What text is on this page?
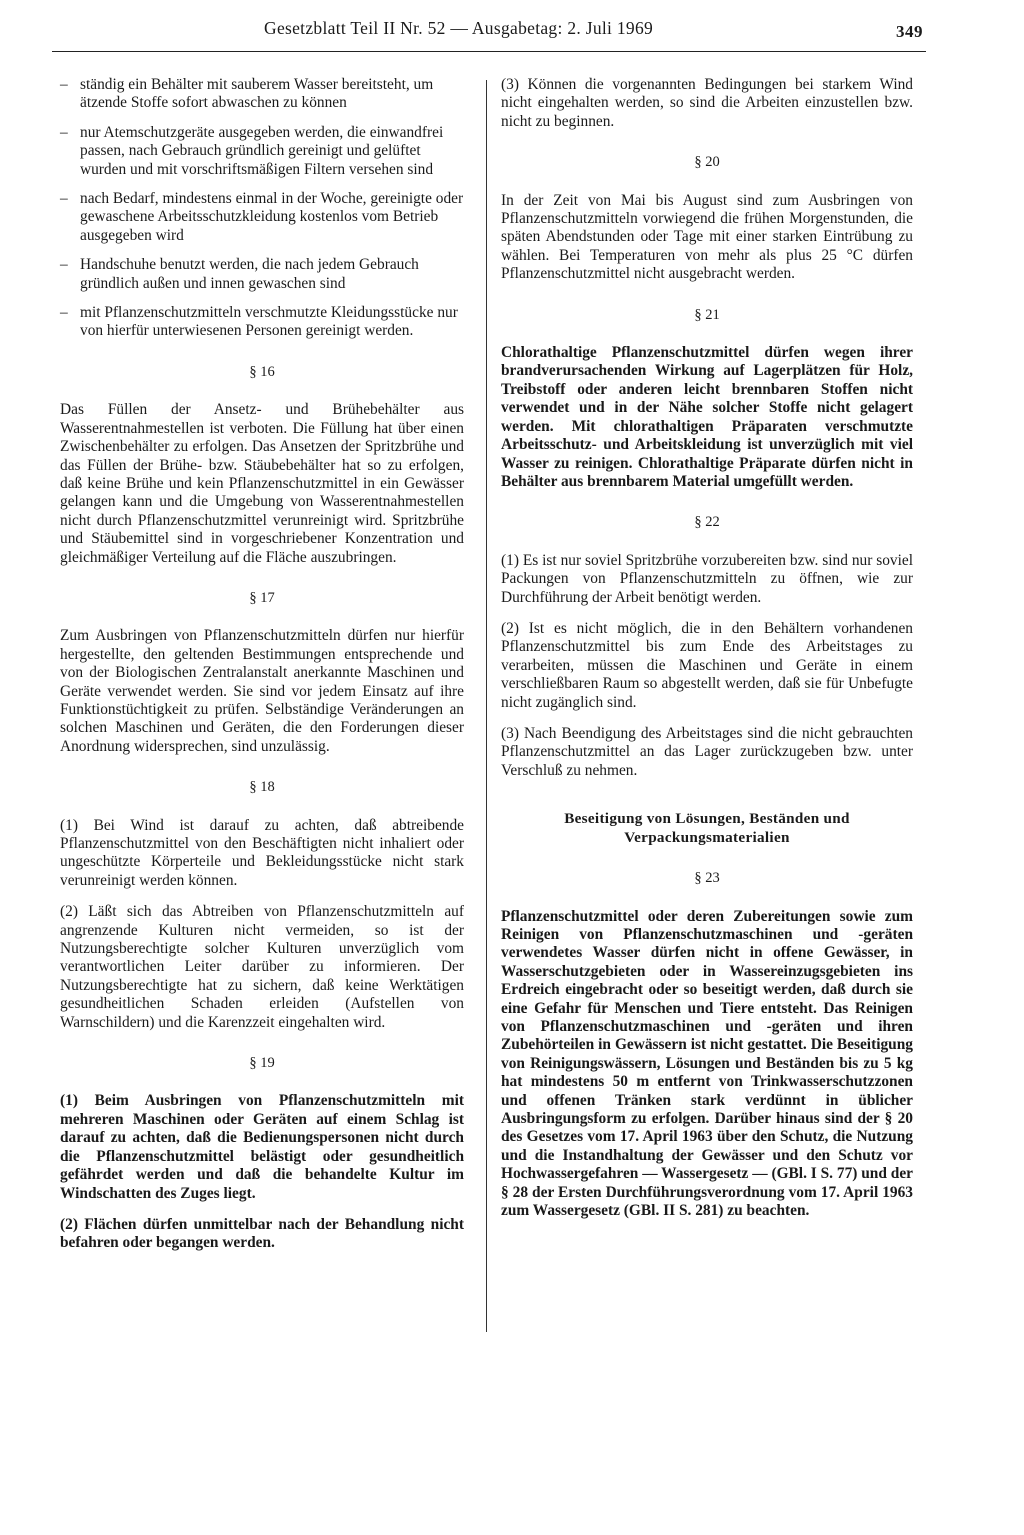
Gesetzblatt Teil II Nr. 52 — Ausgabetag: 2. Juli 1969	349
– ständig ein Behälter mit sauberem Wasser bereitsteht, um ätzende Stoffe sofort abwaschen zu können
– nur Atemschutzgeräte ausgegeben werden, die einwandfrei passen, nach Gebrauch gründlich gereinigt und gelüftet wurden und mit vorschriftsmäßigen Filtern versehen sind
– nach Bedarf, mindestens einmal in der Woche, gereinigte oder gewaschene Arbeitsschutzkleidung kostenlos vom Betrieb ausgegeben wird
– Handschuhe benutzt werden, die nach jedem Gebrauch gründlich außen und innen gewaschen sind
– mit Pflanzenschutzmitteln verschmutzte Kleidungsstücke nur von hierfür unterwiesenen Personen gereinigt werden.
§ 16

Das Füllen der Ansetz- und Brühebehälter aus Wasserentnahmestellen ist verboten. Die Füllung hat über einen Zwischenbehälter zu erfolgen. Das Ansetzen der Spritzbrühe und das Füllen der Brühe- bzw. Stäubebehälter hat so zu erfolgen, daß keine Brühe und kein Pflanzenschutzmittel in ein Gewässer gelangen kann und die Umgebung von Wasserentnahmestellen nicht durch Pflanzenschutzmittel verunreinigt wird. Spritzbrühe und Stäubemittel sind in vorgeschriebener Konzentration und gleichmäßiger Verteilung auf die Fläche auszubringen.

§ 17

Zum Ausbringen von Pflanzenschutzmitteln dürfen nur hierfür hergestellte, den geltenden Bestimmungen entsprechende und von der Biologischen Zentralanstalt anerkannte Maschinen und Geräte verwendet werden. Sie sind vor jedem Einsatz auf ihre Funktionstüchtigkeit zu prüfen. Selbständige Veränderungen an solchen Maschinen und Geräten, die den Forderungen dieser Anordnung widersprechen, sind unzulässig.

§ 18

(1) Bei Wind ist darauf zu achten, daß abtreibende Pflanzenschutzmittel von den Beschäftigten nicht inhaliert oder ungeschützte Körperteile und Bekleidungsstücke nicht stark verunreinigt werden können.

(2) Läßt sich das Abtreiben von Pflanzenschutzmitteln auf angrenzende Kulturen nicht vermeiden, so ist der Nutzungsberechtigte solcher Kulturen unverzüglich vom verantwortlichen Leiter darüber zu informieren. Der Nutzungsberechtigte hat zu sichern, daß keine Werktätigen gesundheitlichen Schaden erleiden (Aufstellen von Warnschildern) und die Karenzzeit eingehalten wird.

§ 19

(1) Beim Ausbringen von Pflanzenschutzmitteln mit mehreren Maschinen oder Geräten auf einem Schlag ist darauf zu achten, daß die Bedienungspersonen nicht durch die Pflanzenschutzmittel belästigt oder gesundheitlich gefährdet werden und daß die behandelte Kultur im Windschatten des Zuges liegt.

(2) Flächen dürfen unmittelbar nach der Behandlung nicht befahren oder begangen werden.

(3) Können die vorgenannten Bedingungen bei starkem Wind nicht eingehalten werden, so sind die Arbeiten einzustellen bzw. nicht zu beginnen.

§ 20

In der Zeit von Mai bis August sind zum Ausbringen von Pflanzenschutzmitteln vorwiegend die frühen Morgenstunden, die späten Abendstunden oder Tage mit einer starken Eintrübung zu wählen. Bei Temperaturen von mehr als plus 25 °C dürfen Pflanzenschutzmittel nicht ausgebracht werden.

§ 21

Chlorathaltige Pflanzenschutzmittel dürfen wegen ihrer brandverursachenden Wirkung auf Lagerplätzen für Holz, Treibstoff oder anderen leicht brennbaren Stoffen nicht verwendet und in der Nähe solcher Stoffe nicht gelagert werden. Mit chlorathaltigen Präparaten verschmutzte Arbeitsschutz- und Arbeitskleidung ist unverzüglich mit viel Wasser zu reinigen. Chlorathaltige Präparate dürfen nicht in Behälter aus brennbarem Material umgefüllt werden.

§ 22

(1) Es ist nur soviel Spritzbrühe vorzubereiten bzw. sind nur soviel Packungen von Pflanzenschutzmitteln zu öffnen, wie zur Durchführung der Arbeit benötigt werden.

(2) Ist es nicht möglich, die in den Behältern vorhandenen Pflanzenschutzmittel bis zum Ende des Arbeitstages zu verarbeiten, müssen die Maschinen und Geräte in einem verschließbaren Raum so abgestellt werden, daß sie für Unbefugte nicht zugänglich sind.

(3) Nach Beendigung des Arbeitstages sind die nicht gebrauchten Pflanzenschutzmittel an das Lager zurückzugeben bzw. unter Verschluß zu nehmen.

Beseitigung von Lösungen, Beständen und
Verpackungsmaterialien
§ 23

Pflanzenschutzmittel oder deren Zubereitungen sowie zum Reinigen von Pflanzenschutzmaschinen und -geräten verwendetes Wasser dürfen nicht in offene Gewässer, in Wasserschutzgebieten oder in Wassereinzugsgebieten ins Erdreich eingebracht oder so beseitigt werden, daß durch sie eine Gefahr für Menschen und Tiere entsteht. Das Reinigen von Pflanzenschutzmaschinen und -geräten und ihren Zubehörteilen in Gewässern ist nicht gestattet. Die Beseitigung von Reinigungswässern, Lösungen und Beständen bis zu 5 kg hat mindestens 50 m entfernt von Trinkwasserschutzzonen und offenen Tränken stark verdünnt in üblicher Ausbringungsform zu erfolgen. Darüber hinaus sind der § 20 des Gesetzes vom 17. April 1963 über den Schutz, die Nutzung und die Instandhaltung der Gewässer und den Schutz vor Hochwassergefahren — Wassergesetz — (GBl. I S. 77) und der § 28 der Ersten Durchführungsverordnung vom 17. April 1963 zum Wassergesetz (GBl. II S. 281) zu beachten.
